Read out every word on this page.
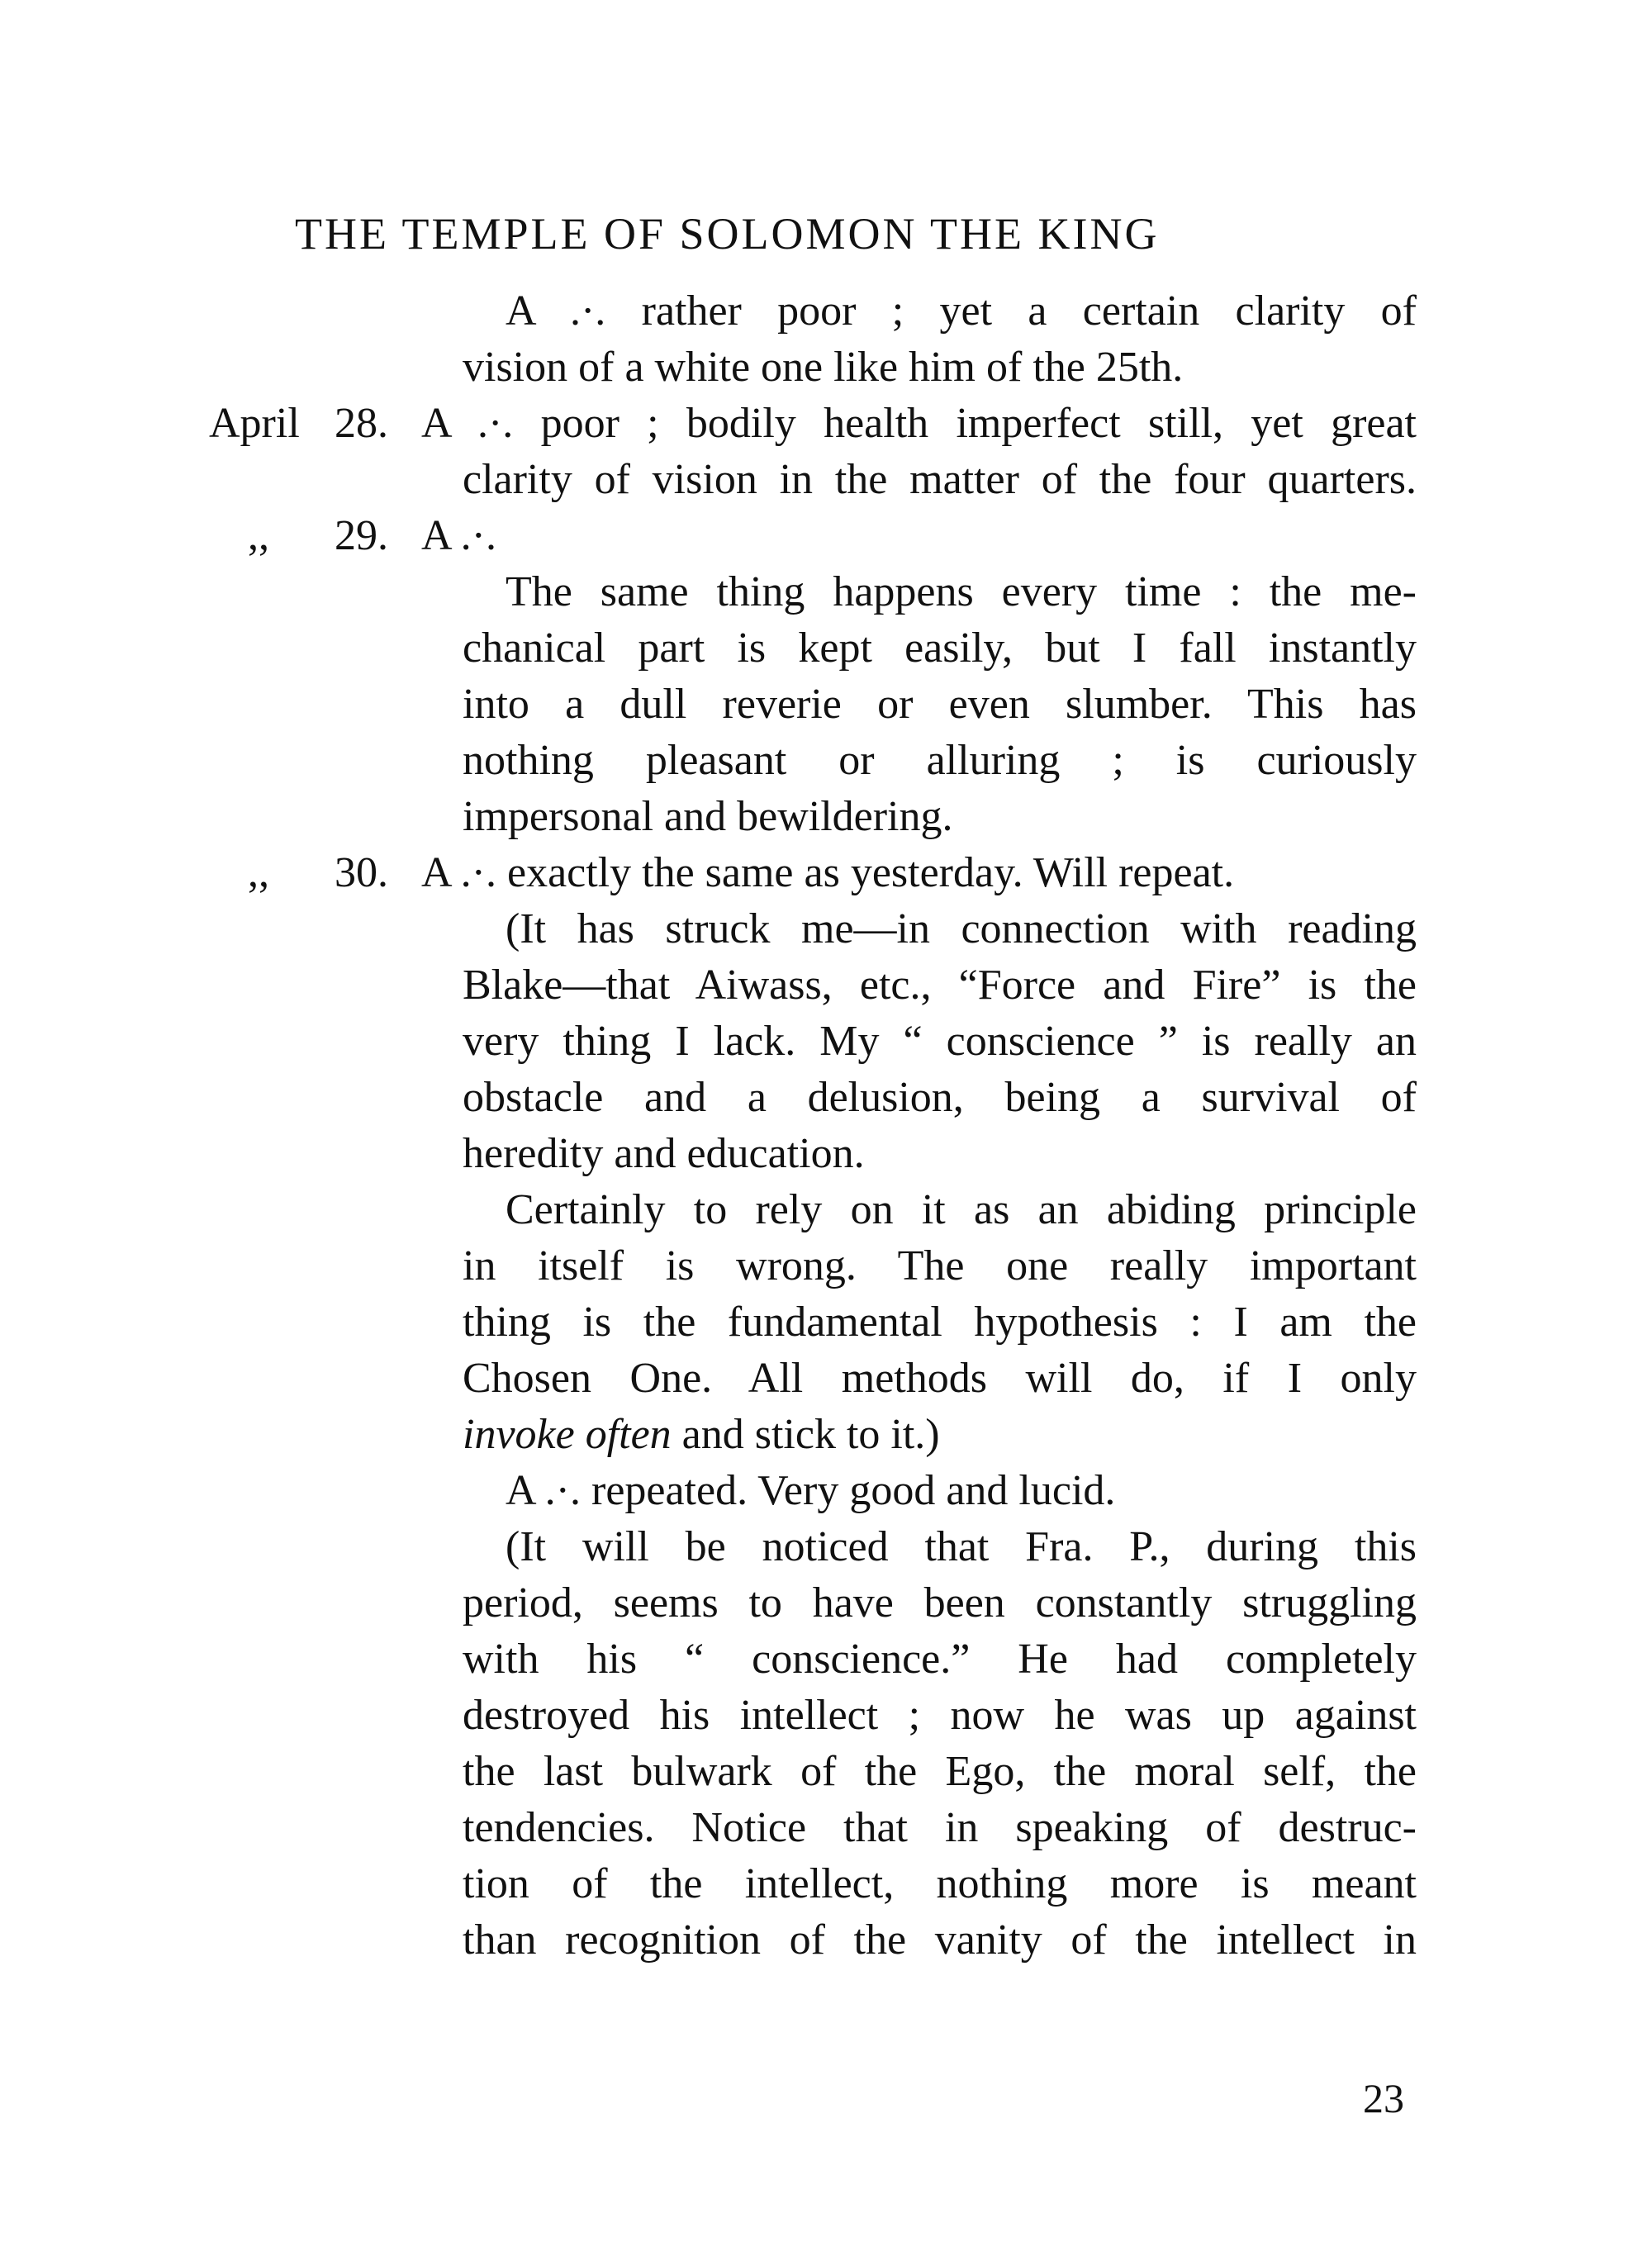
THE TEMPLE OF SOLOMON THE KING
A .·. rather poor ; yet a certain clarity of
vision of a white one like him of the 25th.
April 28. A .·. poor ; bodily health imperfect still, yet great
clarity of vision in the matter of the four quarters.
,, 29. A .·.
The same thing happens every time : the me-
chanical part is kept easily, but I fall instantly
into a dull reverie or even slumber. This has
nothing pleasant or alluring ; is curiously
impersonal and bewildering.
,, 30. A .·. exactly the same as yesterday. Will repeat.
(It has struck me—in connection with reading
Blake—that Aiwass, etc., “Force and Fire” is the
very thing I lack. My “ conscience ” is really an
obstacle and a delusion, being a survival of
heredity and education.
Certainly to rely on it as an abiding principle
in itself is wrong. The one really important
thing is the fundamental hypothesis : I am the
Chosen One. All methods will do, if I only
invoke often and stick to it.)
A .·. repeated. Very good and lucid.
(It will be noticed that Fra. P., during this
period, seems to have been constantly struggling
with his “ conscience.” He had completely
destroyed his intellect ; now he was up against
the last bulwark of the Ego, the moral self, the
tendencies. Notice that in speaking of destruc-
tion of the intellect, nothing more is meant
than recognition of the vanity of the intellect in
23
